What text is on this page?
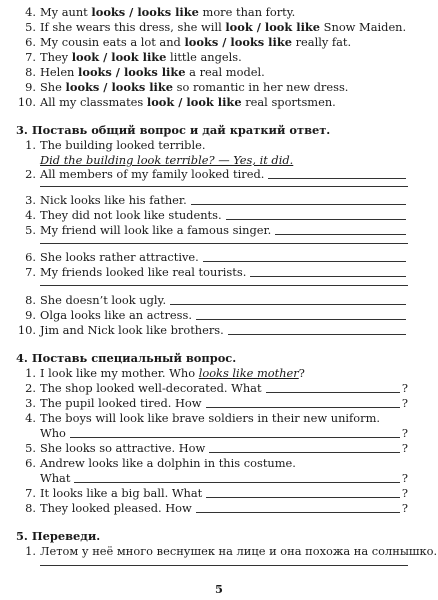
4. My aunt looks / looks like more than forty.
5. If she wears this dress, she will look / look like Snow Maiden.
6. My cousin eats a lot and looks / looks like really fat.
7. They look / look like little angels.
8. Helen looks / looks like a real model.
9. She looks / looks like so romantic in her new dress.
10. All my classmates look / look like real sportsmen.
3. Поставь общий вопрос и дай краткий ответ.
1. The building looked terrible.
Did the building look terrible? — Yes, it did.
2. All members of my family looked tired.
3. Nick looks like his father.
4. They did not look like students.
5. My friend will look like a famous singer.
6. She looks rather attractive.
7. My friends looked like real tourists.
8. She doesn’t look ugly.
9. Olga looks like an actress.
10. Jim and Nick look like brothers.
4. Поставь специальный вопрос.
1. I look like my mother. Who looks like mother?
2. The shop looked well-decorated. What	?
3. The pupil looked tired. How	?
4. The boys will look like brave soldiers in their new uniform.
Who	?
5. She looks so attractive. How	?
6. Andrew looks like a dolphin in this costume.
What	?
7. It looks like a big ball. What	?
8. They looked pleased. How	?
5. Переведи.
1. Летом у неё много веснушек на лице и она похожа на солнышко.
5
